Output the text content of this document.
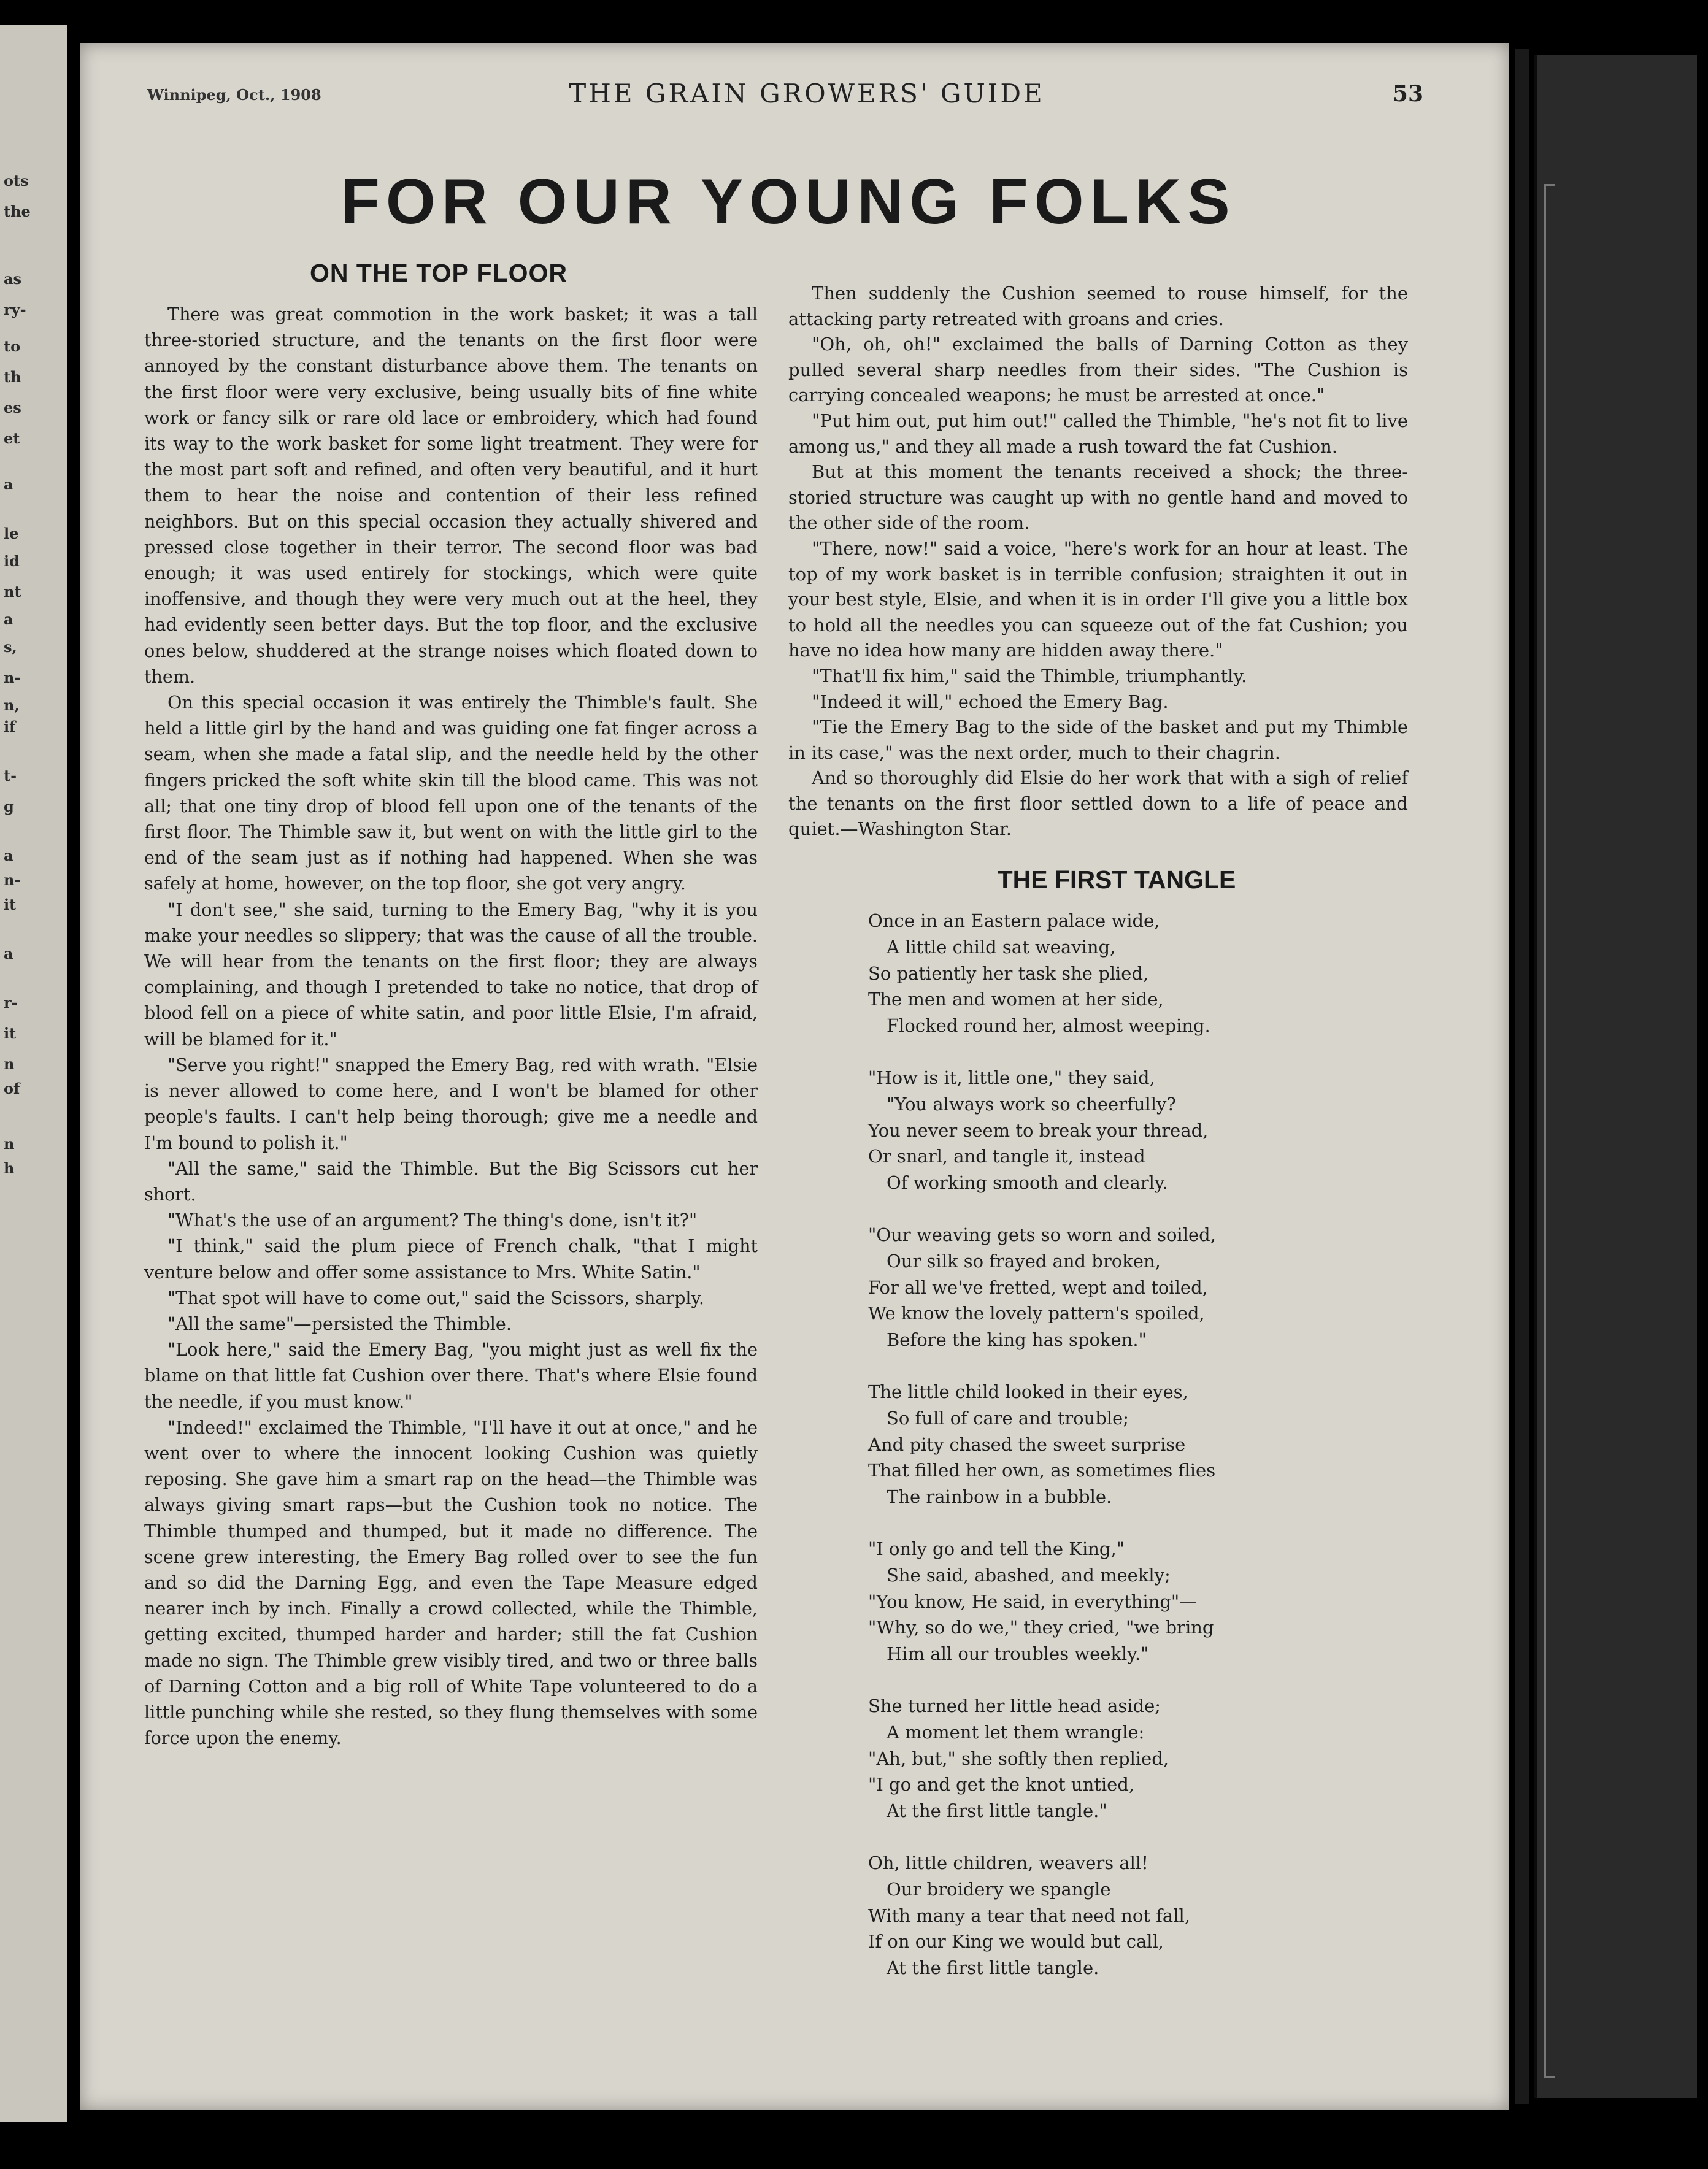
ots
the
as
ry-
to
th
es
et
a
le
id
nt
a
s,
n-
n,
if
t-
g
a
n-
it
a
r-
it
n
of
n
h
Winnipeg, Oct., 1908	THE GRAIN GROWERS' GUIDE	53
FOR OUR YOUNG FOLKS
ON THE TOP FLOOR

There was great commotion in the work basket; it was a tall three-storied structure, and the tenants on the first floor were annoyed by the constant disturbance above them. The tenants on the first floor were very exclusive, being usually bits of fine white work or fancy silk or rare old lace or embroidery, which had found its way to the work basket for some light treatment. They were for the most part soft and refined, and often very beautiful, and it hurt them to hear the noise and contention of their less refined neighbors. But on this special occasion they actually shivered and pressed close together in their terror. The second floor was bad enough; it was used entirely for stockings, which were quite inoffensive, and though they were very much out at the heel, they had evidently seen better days. But the top floor, and the exclusive ones below, shuddered at the strange noises which floated down to them.

On this special occasion it was entirely the Thimble's fault. She held a little girl by the hand and was guiding one fat finger across a seam, when she made a fatal slip, and the needle held by the other fingers pricked the soft white skin till the blood came. This was not all; that one tiny drop of blood fell upon one of the tenants of the first floor. The Thimble saw it, but went on with the little girl to the end of the seam just as if nothing had happened. When she was safely at home, however, on the top floor, she got very angry.

"I don't see," she said, turning to the Emery Bag, "why it is you make your needles so slippery; that was the cause of all the trouble. We will hear from the tenants on the first floor; they are always complaining, and though I pretended to take no notice, that drop of blood fell on a piece of white satin, and poor little Elsie, I'm afraid, will be blamed for it."

"Serve you right!" snapped the Emery Bag, red with wrath. "Elsie is never allowed to come here, and I won't be blamed for other people's faults. I can't help being thorough; give me a needle and I'm bound to polish it."

"All the same," said the Thimble. But the Big Scissors cut her short.

"What's the use of an argument? The thing's done, isn't it?"

"I think," said the plum piece of French chalk, "that I might venture below and offer some assistance to Mrs. White Satin."

"That spot will have to come out," said the Scissors, sharply.

"All the same"—persisted the Thimble.

"Look here," said the Emery Bag, "you might just as well fix the blame on that little fat Cushion over there. That's where Elsie found the needle, if you must know."

"Indeed!" exclaimed the Thimble, "I'll have it out at once," and he went over to where the innocent looking Cushion was quietly reposing. She gave him a smart rap on the head—the Thimble was always giving smart raps—but the Cushion took no notice. The Thimble thumped and thumped, but it made no difference. The scene grew interesting, the Emery Bag rolled over to see the fun and so did the Darning Egg, and even the Tape Measure edged nearer inch by inch. Finally a crowd collected, while the Thimble, getting excited, thumped harder and harder; still the fat Cushion made no sign. The Thimble grew visibly tired, and two or three balls of Darning Cotton and a big roll of White Tape volunteered to do a little punching while she rested, so they flung themselves with some force upon the enemy.

Then suddenly the Cushion seemed to rouse himself, for the attacking party retreated with groans and cries.

"Oh, oh, oh!" exclaimed the balls of Darning Cotton as they pulled several sharp needles from their sides. "The Cushion is carrying concealed weapons; he must be arrested at once."

"Put him out, put him out!" called the Thimble, "he's not fit to live among us," and they all made a rush toward the fat Cushion.

But at this moment the tenants received a shock; the three-storied structure was caught up with no gentle hand and moved to the other side of the room.

"There, now!" said a voice, "here's work for an hour at least. The top of my work basket is in terrible confusion; straighten it out in your best style, Elsie, and when it is in order I'll give you a little box to hold all the needles you can squeeze out of the fat Cushion; you have no idea how many are hidden away there."

"That'll fix him," said the Thimble, triumphantly.

"Indeed it will," echoed the Emery Bag.

"Tie the Emery Bag to the side of the basket and put my Thimble in its case," was the next order, much to their chagrin.

And so thoroughly did Elsie do her work that with a sigh of relief the tenants on the first floor settled down to a life of peace and quiet.—Washington Star.

THE FIRST TANGLE
Once in an Eastern palace wide,
A little child sat weaving,
So patiently her task she plied,
The men and women at her side,
Flocked round her, almost weeping.
"How is it, little one," they said,
"You always work so cheerfully?
You never seem to break your thread,
Or snarl, and tangle it, instead
Of working smooth and clearly.
"Our weaving gets so worn and soiled,
Our silk so frayed and broken,
For all we've fretted, wept and toiled,
We know the lovely pattern's spoiled,
Before the king has spoken."
The little child looked in their eyes,
So full of care and trouble;
And pity chased the sweet surprise
That filled her own, as sometimes flies
The rainbow in a bubble.
"I only go and tell the King,"
She said, abashed, and meekly;
"You know, He said, in everything"—
"Why, so do we," they cried, "we bring
Him all our troubles weekly."
She turned her little head aside;
A moment let them wrangle:
"Ah, but," she softly then replied,
"I go and get the knot untied,
At the first little tangle."
Oh, little children, weavers all!
Our broidery we spangle
With many a tear that need not fall,
If on our King we would but call,
At the first little tangle.
